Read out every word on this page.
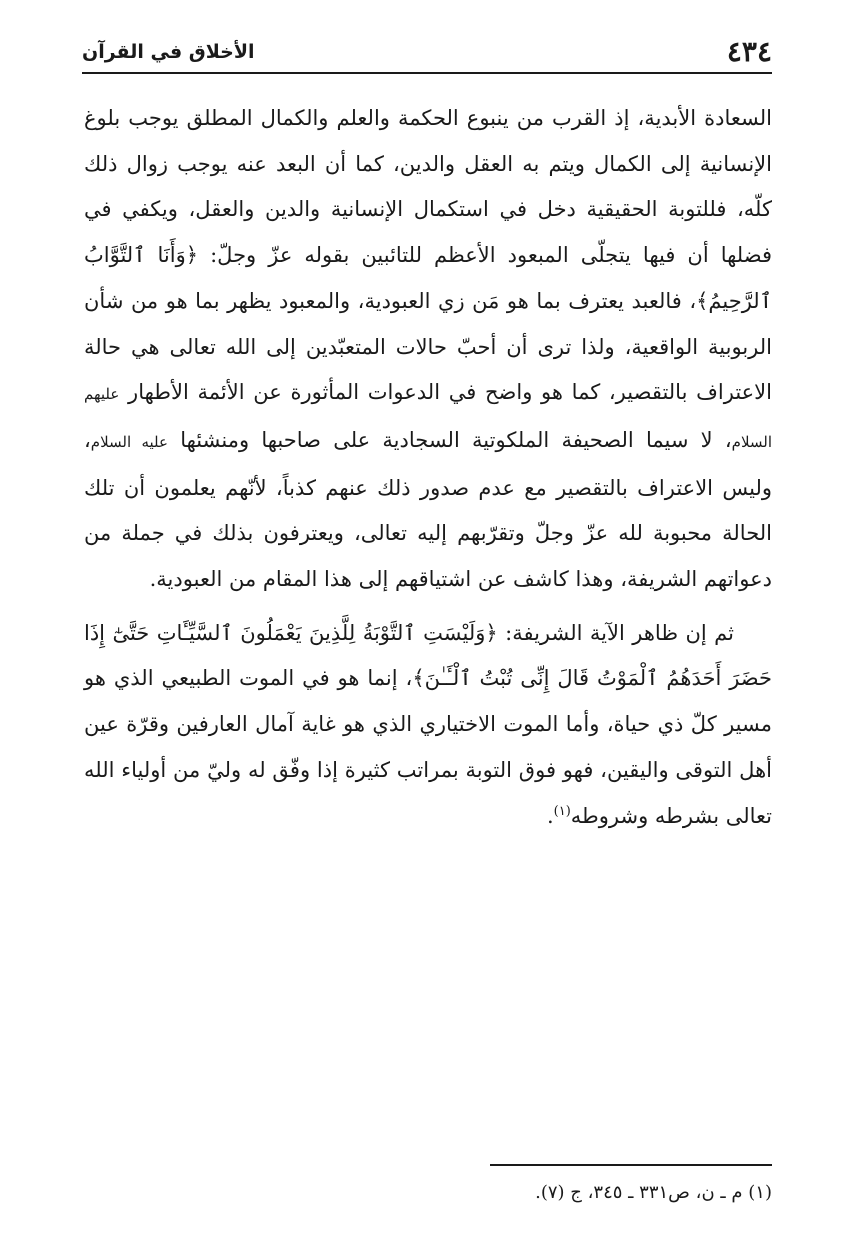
٤٣٤
الأخلاق في القرآن

السعادة الأبدية، إذ القرب من ينبوع الحكمة والعلم والكمال المطلق يوجب بلوغ الإنسانية إلى الكمال ويتم به العقل والدين، كما أن البعد عنه يوجب زوال ذلك كلّه، فللتوبة الحقيقية دخل في استكمال الإنسانية والدين والعقل، ويكفي في فضلها أن فيها يتجلّى المبعود الأعظم للتائبين بقوله عزّ وجلّ: ﴿وَأَنَا ٱلتَّوَّابُ ٱلرَّحِيمُ﴾، فالعبد يعترف بما هو مَن زي العبودية، والمعبود يظهر بما هو من شأن الربوبية الواقعية، ولذا ترى أن أحبّ حالات المتعبّدين إلى الله تعالى هي حالة الاعتراف بالتقصير، كما هو واضح في الدعوات المأثورة عن الأئمة الأطهار عليهم السلام، لا سيما الصحيفة الملكوتية السجادية على صاحبها ومنشئها عليه السلام، وليس الاعتراف بالتقصير مع عدم صدور ذلك عنهم كذباً، لأنّهم يعلمون أن تلك الحالة محبوبة لله عزّ وجلّ وتقرّبهم إليه تعالى، ويعترفون بذلك في جملة من دعواتهم الشريفة، وهذا كاشف عن اشتياقهم إلى هذا المقام من العبودية.

ثم إن ظاهر الآية الشريفة: ﴿وَلَيْسَتِ ٱلتَّوْبَةُ لِلَّذِينَ يَعْمَلُونَ ٱلسَّيِّـَٔاتِ حَتَّىٰٓ إِذَا حَضَرَ أَحَدَهُمُ ٱلْمَوْتُ قَالَ إِنِّى تُبْتُ ٱلْـَٔـٰنَ﴾، إنما هو في الموت الطبيعي الذي هو مسير كلّ ذي حياة، وأما الموت الاختياري الذي هو غاية آمال العارفين وقرّة عين أهل التوقى واليقين، فهو فوق التوبة بمراتب كثيرة إذا وفّق له وليّ من أولياء الله تعالى بشرطه وشروطه$^{(١)}$.

(١) م ـ ن، ص٣٣١ ـ ٣٤٥، ج (٧).
